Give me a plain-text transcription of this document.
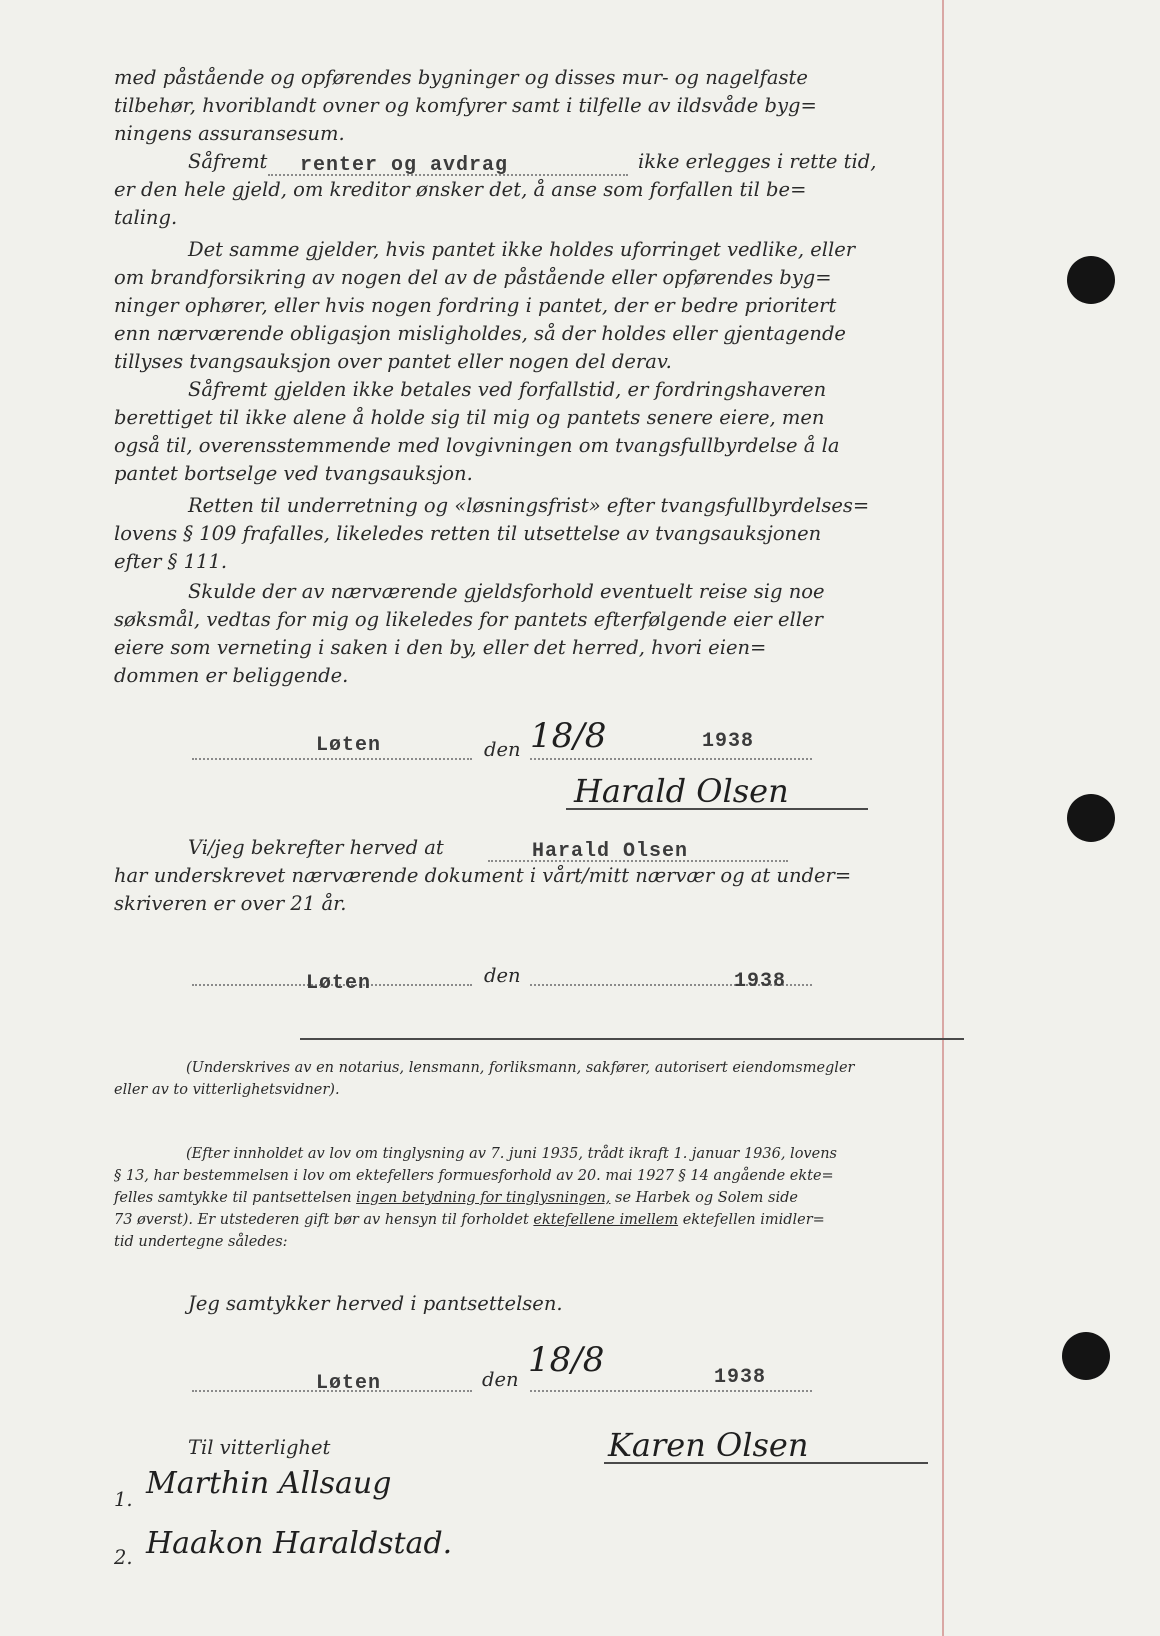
med påstående og opførendes bygninger og disses mur- og nagelfaste
tilbehør, hvoriblandt ovner og komfyrer samt i tilfelle av ildsvåde byg=
ningens assuransesum.
Såfremt renter og avdrag	ikke erlegges i rette tid,
er den hele gjeld, om kreditor ønsker det, å anse som forfallen til be=
taling.
Det samme gjelder, hvis pantet ikke holdes uforringet vedlike, eller
om brandforsikring av nogen del av de påstående eller opførendes byg=
ninger ophører, eller hvis nogen fordring i pantet, der er bedre prioritert
enn nærværende obligasjon misligholdes, så der holdes eller gjentagende
tillyses tvangsauksjon over pantet eller nogen del derav.
Såfremt gjelden ikke betales ved forfallstid, er fordringshaveren
berettiget til ikke alene å holde sig til mig og pantets senere eiere, men
også til, overensstemmende med lovgivningen om tvangsfullbyrdelse å la
pantet bortselge ved tvangsauksjon.
Retten til underretning og «løsningsfrist» efter tvangsfullbyrdelses=
lovens § 109 frafalles, likeledes retten til utsettelse av tvangsauksjonen
efter § 111.
Skulde der av nærværende gjeldsforhold eventuelt reise sig noe
søksmål, vedtas for mig og likeledes for pantets efterfølgende eier eller
eiere som verneting i saken i den by, eller det herred, hvori eien=
dommen er beliggende.
Løten	den 18/8	1938
Harald Olsen
Vi/jeg bekrefter herved at	Harald Olsen
har underskrevet nærværende dokument i vårt/mitt nærvær og at under=
skriveren er over 21 år.
Løten	den	1938
(Underskrives av en notarius, lensmann, forliksmann, sakfører, autorisert eiendomsmegler
eller av to vitterlighetsvidner).
(Efter innholdet av lov om tinglysning av 7. juni 1935, trådt ikraft 1. januar 1936, lovens
§ 13, har bestemmelsen i lov om ektefellers formuesforhold av 20. mai 1927 § 14 angående ekte=
felles samtykke til pantsettelsen ingen betydning for tinglysningen, se Harbek og Solem side
73 øverst). Er utstederen gift bør av hensyn til forholdet ektefellene imellem ektefellen imidler=
tid undertegne således:
Jeg samtykker herved i pantsettelsen.
Løten	den 18/8	1938
Karen Olsen
Til vitterlighet
1. Marthin Allsaug
2. Haakon Haraldstad.
